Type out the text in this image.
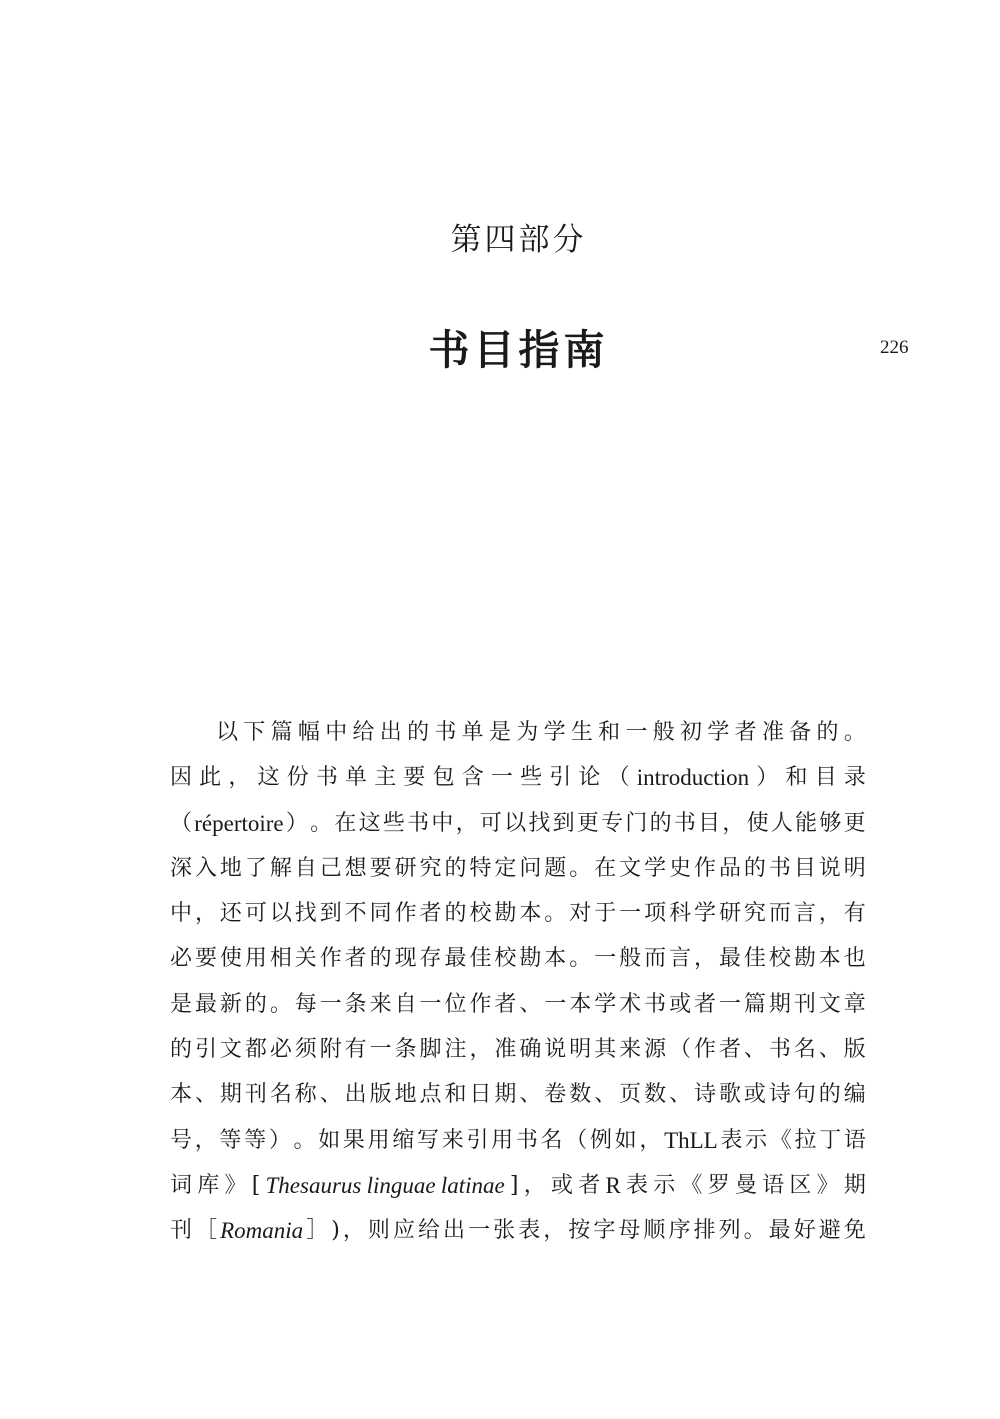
第四部分
书目指南	226
以 下 篇 幅 中 给 出 的 书 单 是 为 学 生 和 一 般 初 学 者 准 备 的 。
因 此 ， 这 份 书 单 主 要 包 含 一 些 引 论 （ introduction ） 和 目 录
（ répertoire ） 。 在 这 些 书 中 ， 可 以 找 到 更 专 门 的 书 目 ， 使 人 能 够 更
深 入 地 了 解 自 己 想 要 研 究 的 特 定 问 题 。 在 文 学 史 作 品 的 书 目 说 明
中 ， 还 可 以 找 到 不 同 作 者 的 校 勘 本 。 对 于 一 项 科 学 研 究 而 言 ， 有
必 要 使 用 相 关 作 者 的 现 存 最 佳 校 勘 本 。 一 般 而 言 ， 最 佳 校 勘 本 也
是 最 新 的 。 每 一 条 来 自 一 位 作 者 、 一 本 学 术 书 或 者 一 篇 期 刊 文 章
的 引 文 都 必 须 附 有 一 条 脚 注 ， 准 确 说 明 其 来 源 （ 作 者 、 书 名 、 版
本 、 期 刊 名 称 、 出 版 地 点 和 日 期 、 卷 数 、 页 数 、 诗 歌 或 诗 句 的 编
号 ， 等 等 ） 。 如 果 用 缩 写 来 引 用 书 名 （ 例 如 ， ThLL 表 示 《 拉 丁 语
词 库 》 [ Thesaurus linguae latinae ] ， 或 者 R 表 示 《 罗 曼 语 区 》 期
刊 ［ Romania ］ ) ， 则 应 给 出 一 张 表 ， 按 字 母 顺 序 排 列 。 最 好 避 免
